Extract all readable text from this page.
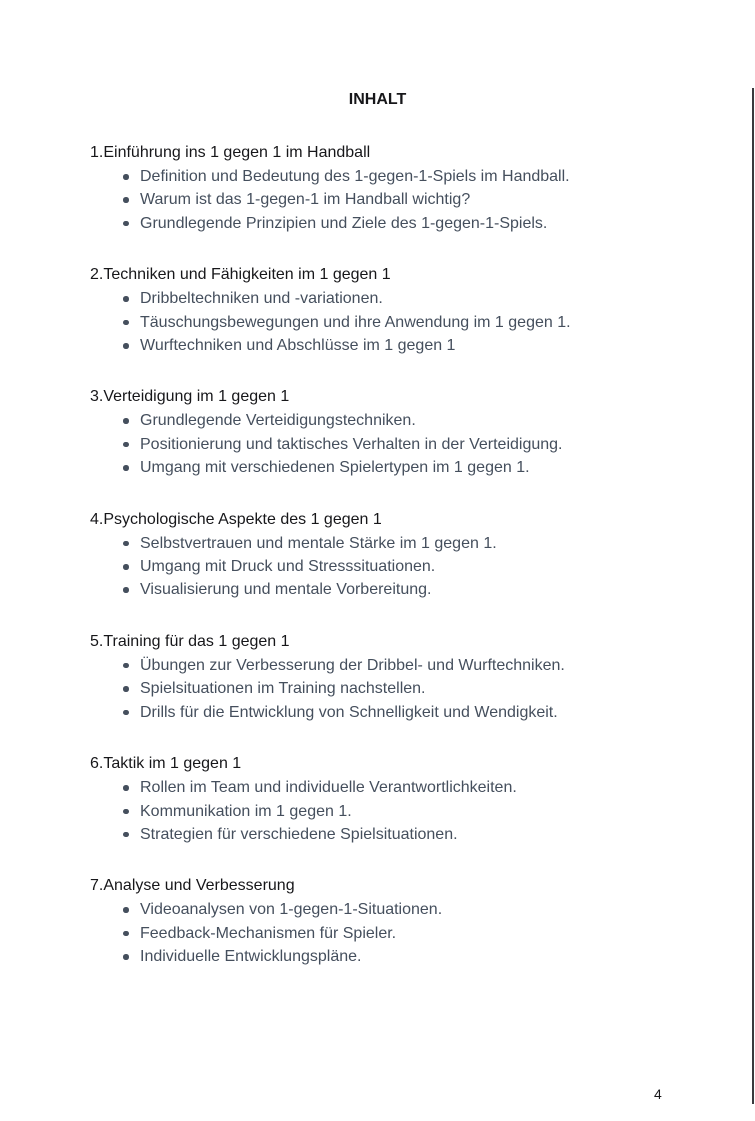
INHALT
1.Einführung ins 1 gegen 1 im Handball
Definition und Bedeutung des 1-gegen-1-Spiels im Handball.
Warum ist das 1-gegen-1 im Handball wichtig?
Grundlegende Prinzipien und Ziele des 1-gegen-1-Spiels.
2.Techniken und Fähigkeiten im 1 gegen 1
Dribbeltechniken und -variationen.
Täuschungsbewegungen und ihre Anwendung im 1 gegen 1.
Wurftechniken und Abschlüsse im 1 gegen 1
3.Verteidigung im 1 gegen 1
Grundlegende Verteidigungstechniken.
Positionierung und taktisches Verhalten in der Verteidigung.
Umgang mit verschiedenen Spielertypen im 1 gegen 1.
4.Psychologische Aspekte des 1 gegen 1
Selbstvertrauen und mentale Stärke im 1 gegen 1.
Umgang mit Druck und Stresssituationen.
Visualisierung und mentale Vorbereitung.
5.Training für das 1 gegen 1
Übungen zur Verbesserung der Dribbel- und Wurftechniken.
Spielsituationen im Training nachstellen.
Drills für die Entwicklung von Schnelligkeit und Wendigkeit.
6.Taktik im 1 gegen 1
Rollen im Team und individuelle Verantwortlichkeiten.
Kommunikation im 1 gegen 1.
Strategien für verschiedene Spielsituationen.
7.Analyse und Verbesserung
Videoanalysen von 1-gegen-1-Situationen.
Feedback-Mechanismen für Spieler.
Individuelle Entwicklungspläne.
4
